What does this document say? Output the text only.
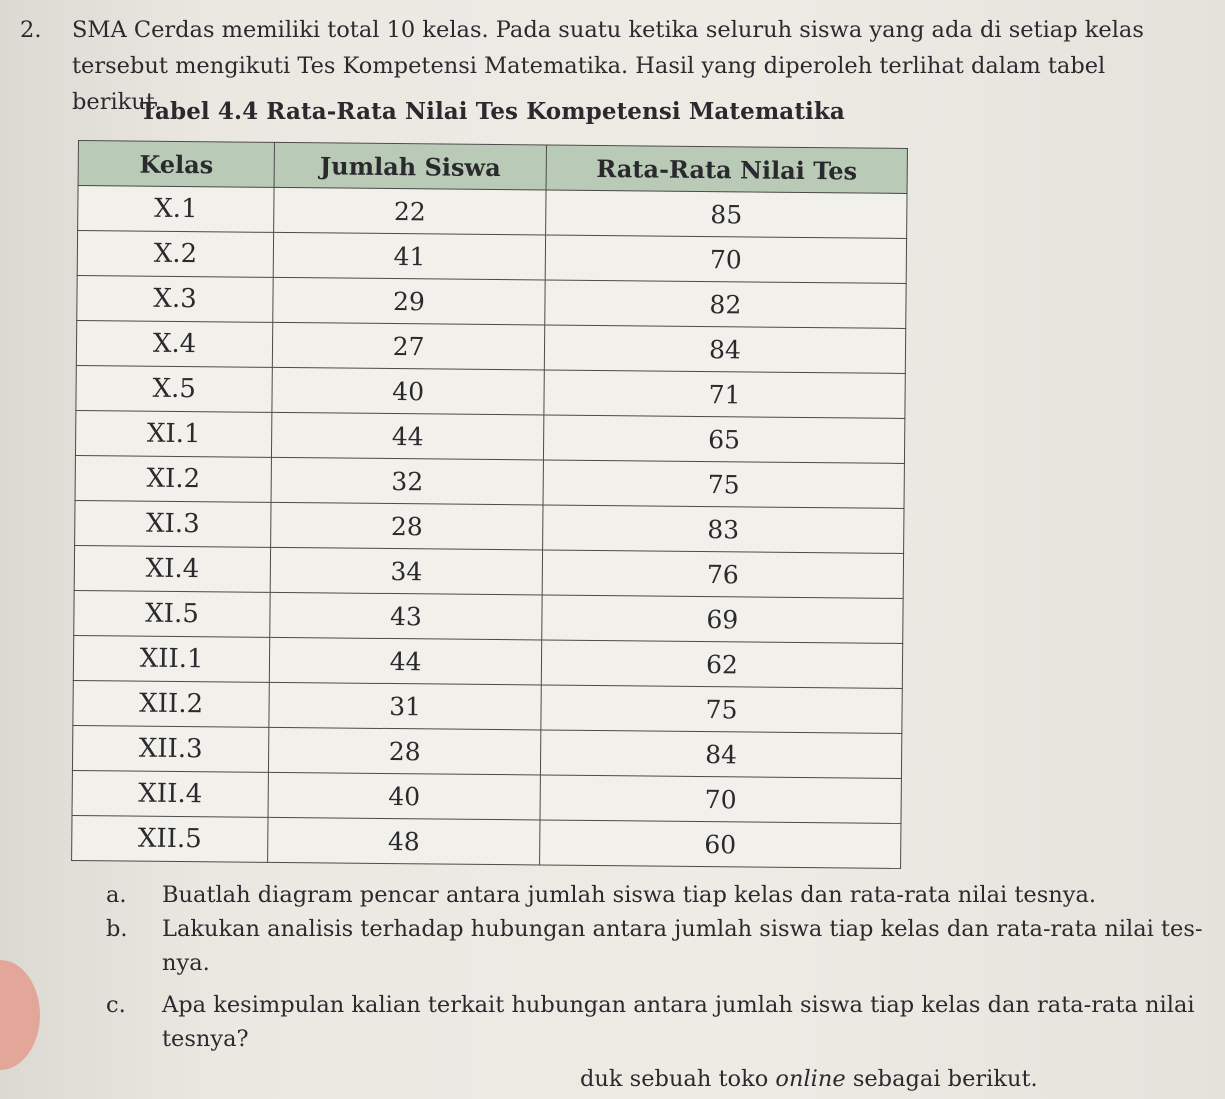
2. SMA Cerdas memiliki total 10 kelas. Pada suatu ketika seluruh siswa yang ada di setiap kelas tersebut mengikuti Tes Kompetensi Matematika. Hasil yang diperoleh terlihat dalam tabel berikut.
Tabel 4.4 Rata-Rata Nilai Tes Kompetensi Matematika
Kelas	Jumlah Siswa	Rata-Rata Nilai Tes
X.1	22	85
X.2	41	70
X.3	29	82
X.4	27	84
X.5	40	71
XI.1	44	65
XI.2	32	75
XI.3	28	83
XI.4	34	76
XI.5	43	69
XII.1	44	62
XII.2	31	75
XII.3	28	84
XII.4	40	70
XII.5	48	60
a. Buatlah diagram pencar antara jumlah siswa tiap kelas dan rata-rata nilai tesnya.
b. Lakukan analisis terhadap hubungan antara jumlah siswa tiap kelas dan rata-rata nilai tes-nya.
c. Apa kesimpulan kalian terkait hubungan antara jumlah siswa tiap kelas dan rata-rata nilai tesnya?
duk sebuah toko online sebagai berikut.
